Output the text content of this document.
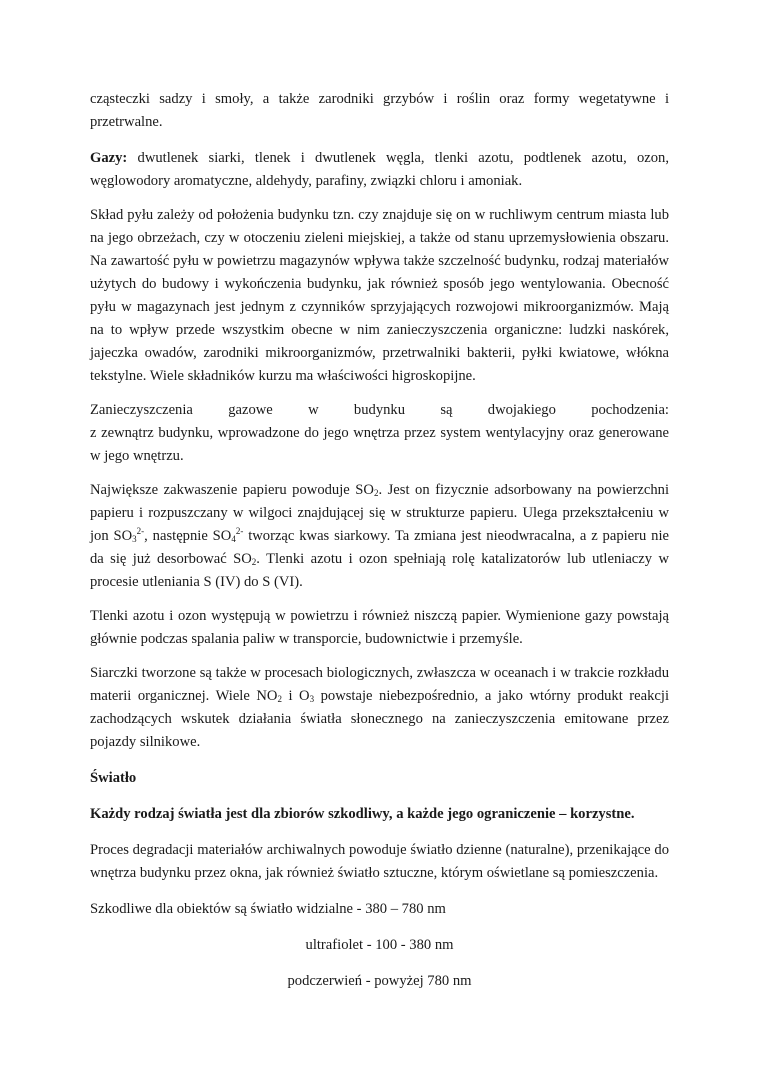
cząsteczki sadzy i smoły, a także zarodniki grzybów i roślin oraz formy wegetatywne i przetrwalne.

Gazy: dwutlenek siarki, tlenek i dwutlenek węgla, tlenki azotu, podtlenek azotu, ozon, węglowodory aromatyczne, aldehydy, parafiny, związki chloru i amoniak.

Skład pyłu zależy od położenia budynku tzn. czy znajduje się on w ruchliwym centrum miasta lub na jego obrzeżach, czy w otoczeniu zieleni miejskiej, a także od stanu uprzemysłowienia obszaru. Na zawartość pyłu w powietrzu magazynów wpływa także szczelność budynku, rodzaj materiałów użytych do budowy i wykończenia budynku, jak również sposób jego wentylowania. Obecność pyłu w magazynach jest jednym z czynników sprzyjających rozwojowi mikroorganizmów. Mają na to wpływ przede wszystkim obecne w nim zanieczyszczenia organiczne: ludzki naskórek, jajeczka owadów, zarodniki mikroorganizmów, przetrwalniki bakterii, pyłki kwiatowe, włókna tekstylne. Wiele składników kurzu ma właściwości higroskopijne.

Zanieczyszczenia gazowe w budynku są dwojakiego pochodzenia:
z zewnątrz budynku, wprowadzone do jego wnętrza przez system wentylacyjny oraz generowane w jego wnętrzu.

Największe zakwaszenie papieru powoduje $SO_2$. Jest on fizycznie adsorbowany na powierzchni papieru i rozpuszczany w wilgoci znajdującej się w strukturze papieru. Ulega przekształceniu w jon $SO_3^{2-}$, następnie $SO_4^{2-}$ tworząc kwas siarkowy. Ta zmiana jest nieodwracalna, a z papieru nie da się już desorbować $SO_2$. Tlenki azotu i ozon spełniają rolę katalizatorów lub utleniaczy w procesie utleniania S (IV) do S (VI).

Tlenki azotu i ozon występują w powietrzu i również niszczą papier. Wymienione gazy powstają głównie podczas spalania paliw w transporcie, budownictwie i przemyśle.

Siarczki tworzone są także w procesach biologicznych, zwłaszcza w oceanach i w trakcie rozkładu materii organicznej. Wiele $NO_2$ i $O_3$ powstaje niebezpośrednio, a jako wtórny produkt reakcji zachodzących wskutek działania światła słonecznego na zanieczyszczenia emitowane przez pojazdy silnikowe.

Światło

Każdy rodzaj światła jest dla zbiorów szkodliwy, a każde jego ograniczenie – korzystne.

Proces degradacji materiałów archiwalnych powoduje światło dzienne (naturalne), przenikające do wnętrza budynku przez okna, jak również światło sztuczne, którym oświetlane są pomieszczenia.

Szkodliwe dla obiektów są światło widzialne - 380 – 780 nm

ultrafiolet - 100 - 380 nm

podczerwień - powyżej 780 nm
